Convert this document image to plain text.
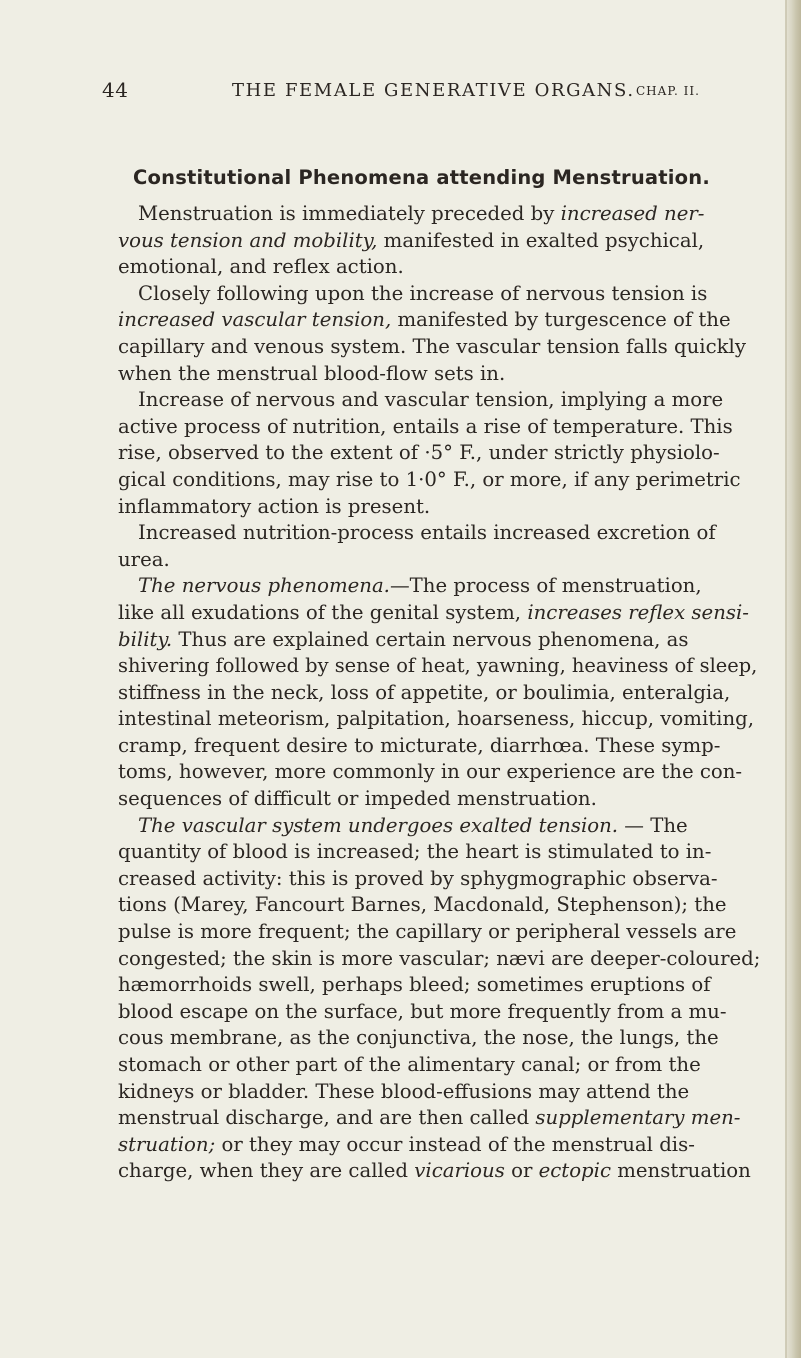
44	THE FEMALE GENERATIVE ORGANS. CHAP. II.
Constitutional Phenomena attending Menstruation.
Menstruation is immediately preceded by increased ner-
vous tension and mobility, manifested in exalted psychical,
emotional, and reflex action.
Closely following upon the increase of nervous tension is
increased vascular tension, manifested by turgescence of the
capillary and venous system. The vascular tension falls quickly
when the menstrual blood-flow sets in.
Increase of nervous and vascular tension, implying a more
active process of nutrition, entails a rise of temperature. This
rise, observed to the extent of ·5° F., under strictly physiolo-
gical conditions, may rise to 1·0° F., or more, if any perimetric
inflammatory action is present.
Increased nutrition-process entails increased excretion of
urea.
The nervous phenomena. —The process of menstruation,
like all exudations of the genital system, increases reflex sensi-
bility. Thus are explained certain nervous phenomena, as
shivering followed by sense of heat, yawning, heaviness of sleep,
stiffness in the neck, loss of appetite, or boulimia, enteralgia,
intestinal meteorism, palpitation, hoarseness, hiccup, vomiting,
cramp, frequent desire to micturate, diarrhœa. These symp-
toms, however, more commonly in our experience are the con-
sequences of difficult or impeded menstruation.
The vascular system undergoes exalted tension. — The
quantity of blood is increased; the heart is stimulated to in-
creased activity: this is proved by sphygmographic observa-
tions (Marey, Fancourt Barnes, Macdonald, Stephenson); the
pulse is more frequent; the capillary or peripheral vessels are
congested; the skin is more vascular; nævi are deeper-coloured;
hæmorrhoids swell, perhaps bleed; sometimes eruptions of
blood escape on the surface, but more frequently from a mu-
cous membrane, as the conjunctiva, the nose, the lungs, the
stomach or other part of the alimentary canal; or from the
kidneys or bladder. These blood-effusions may attend the
menstrual discharge, and are then called supplementary men-
struation; or they may occur instead of the menstrual dis-
charge, when they are called vicarious or ectopic menstruation
